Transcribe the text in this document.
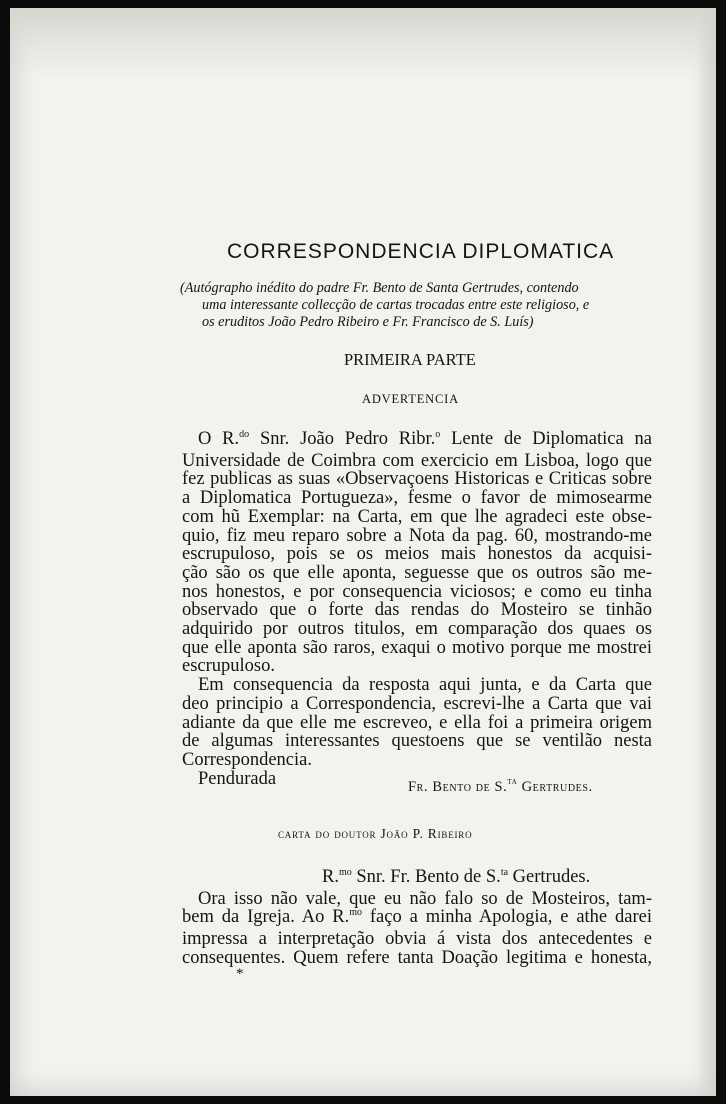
CORRESPONDENCIA DIPLOMATICA

(Autógrapho inédito do padre Fr. Bento de Santa Gertrudes, contendo

uma interessante collecção de cartas trocadas entre este religioso, e

os eruditos João Pedro Ribeiro e Fr. Francisco de S. Luís)

PRIMEIRA PARTE
ADVERTENCIA
O R.$^{do}$ Snr. João Pedro Ribr.$^o$ Lente de Diplomatica na
Universidade de Coimbra com exercicio em Lisboa, logo que
fez publicas as suas «Observaçoens Historicas e Criticas sobre
a Diplomatica Portugueza», fesme o favor de mimosearme
com hũ Exemplar: na Carta, em que lhe agradeci este obse-
quio, fiz meu reparo sobre a Nota da pag. 60, mostrando-me
escrupuloso, pois se os meios mais honestos da acquisi-
ção são os que elle aponta, seguesse que os outros são me-
nos honestos, e por consequencia viciosos; e como eu tinha
observado que o forte das rendas do Mosteiro se tinhão
adquirido por outros titulos, em comparação dos quaes os
que elle aponta são raros, exaqui o motivo porque me mostrei
escrupuloso.
Em consequencia da resposta aqui junta, e da Carta que
deo principio a Correspondencia, escrevi-lhe a Carta que vai
adiante da que elle me escreveo, e ella foi a primeira origem
de algumas interessantes questoens que se ventilão nesta
Correspondencia.
Pendurada	Fr. Bento de S.$^{ta}$ Gertrudes.
carta do doutor João P. Ribeiro
R.$^{mo}$ Snr. Fr. Bento de S.$^{ta}$ Gertrudes.
Ora isso não vale, que eu não falo so de Mosteiros, tam-
bem da Igreja. Ao R.$^{mo}$ faço a minha Apologia, e athe darei
impressa a interpretação obvia á vista dos antecedentes e
consequentes. Quem refere tanta Doação legitima e honesta,
*
